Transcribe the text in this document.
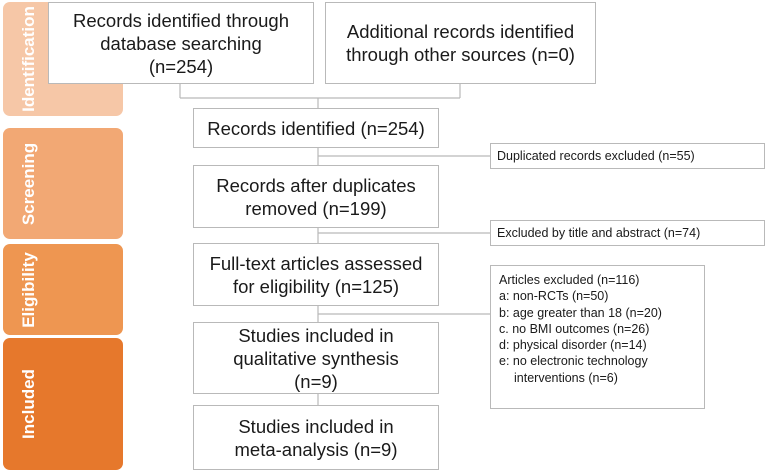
Identification
Screening
Eligibility
Included
Records identified through database searching (n=254)
Additional records identified through other sources (n=0)
Records identified (n=254)
Records after duplicates removed (n=199)
Full-text articles assessed for eligibility (n=125)
Studies included in qualitative synthesis (n=9)
Studies included in meta-analysis (n=9)
Duplicated records excluded (n=55)
Excluded by title and abstract (n=74)
Articles excluded (n=116)
a: non-RCTs (n=50)
b: age greater than 18 (n=20)
c. no BMI outcomes (n=26)
d: physical disorder (n=14)
e: no electronic technology
interventions (n=6)
